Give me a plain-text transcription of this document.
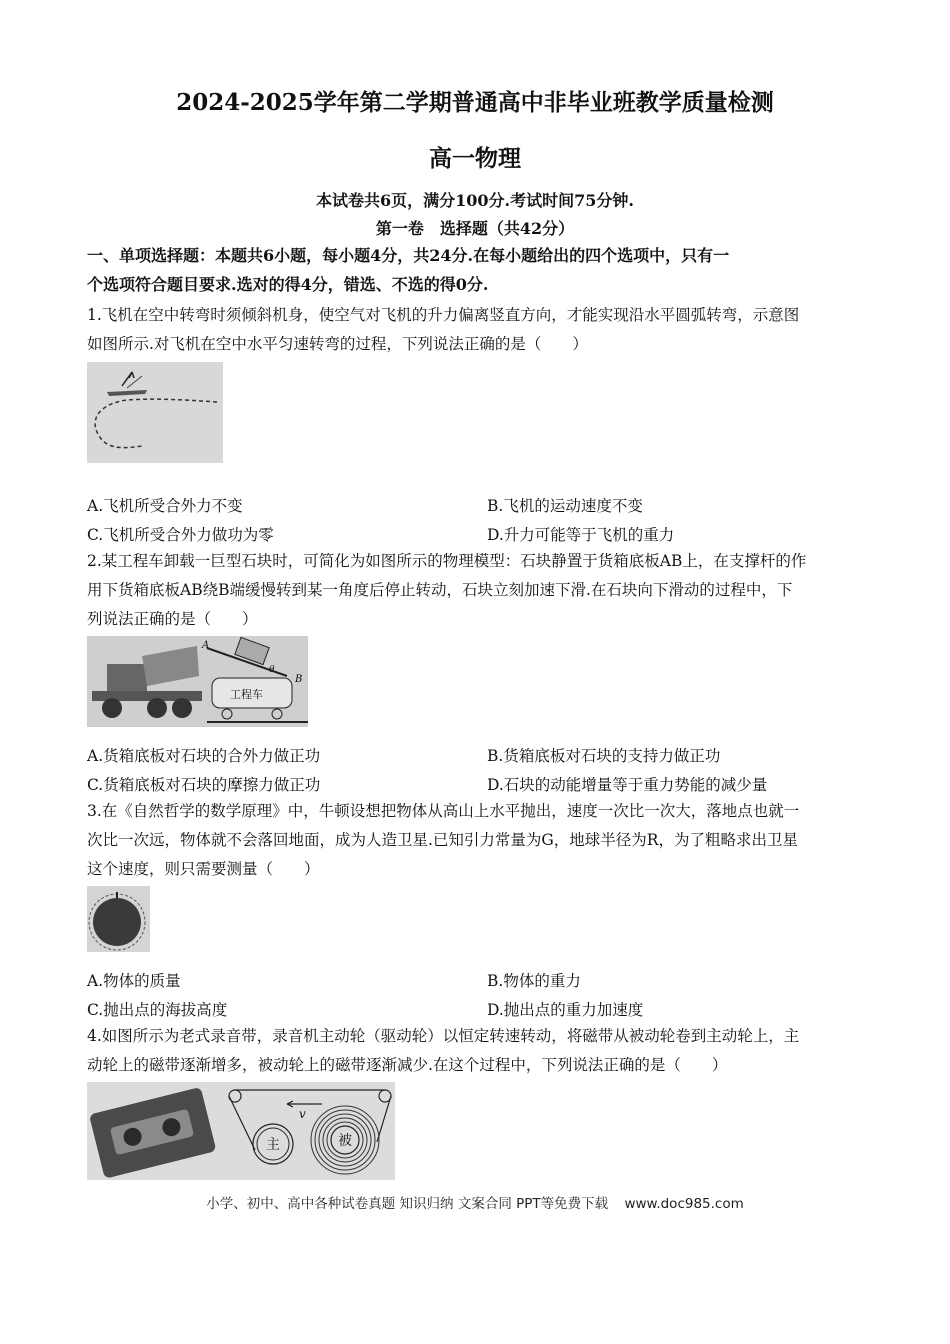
2024-2025学年第二学期普通高中非毕业班教学质量检测
高一物理
本试卷共6页，满分100分.考试时间75分钟.
第一卷　选择题（共42分）
一、单项选择题：本题共6小题，每小题4分，共24分.在每小题给出的四个选项中，只有一
个选项符合题目要求.选对的得4分，错选、不选的得0分.
1.飞机在空中转弯时须倾斜机身，使空气对飞机的升力偏离竖直方向，才能实现沿水平圆弧转弯，示意图
如图所示.对飞机在空中水平匀速转弯的过程，下列说法正确的是（　　）
A.飞机所受合外力不变	B.飞机的运动速度不变
C.飞机所受合外力做功为零	D.升力可能等于飞机的重力
2.某工程车卸载一巨型石块时，可简化为如图所示的物理模型：石块静置于货箱底板AB上，在支撑杆的作
用下货箱底板AB绕B端缓慢转到某一角度后停止转动，石块立刻加速下滑.在石块向下滑动的过程中，下
列说法正确的是（　　）
A
B
θ
工程车
A.货箱底板对石块的合外力做正功	B.货箱底板对石块的支持力做正功
C.货箱底板对石块的摩擦力做正功	D.石块的动能增量等于重力势能的减少量
3.在《自然哲学的数学原理》中，牛顿设想把物体从高山上水平抛出，速度一次比一次大，落地点也就一
次比一次远，物体就不会落回地面，成为人造卫星.已知引力常量为G，地球半径为R，为了粗略求出卫星
这个速度，则只需要测量（　　）
A.物体的质量	B.物体的重力
C.抛出点的海拔高度	D.抛出点的重力加速度
4.如图所示为老式录音带，录音机主动轮（驱动轮）以恒定转速转动，将磁带从被动轮卷到主动轮上，主
动轮上的磁带逐渐增多，被动轮上的磁带逐渐减少.在这个过程中，下列说法正确的是（　　）
v
主	被
小学、初中、高中各种试卷真题 知识归纳 文案合同 PPT等免费下载 www.doc985.com
